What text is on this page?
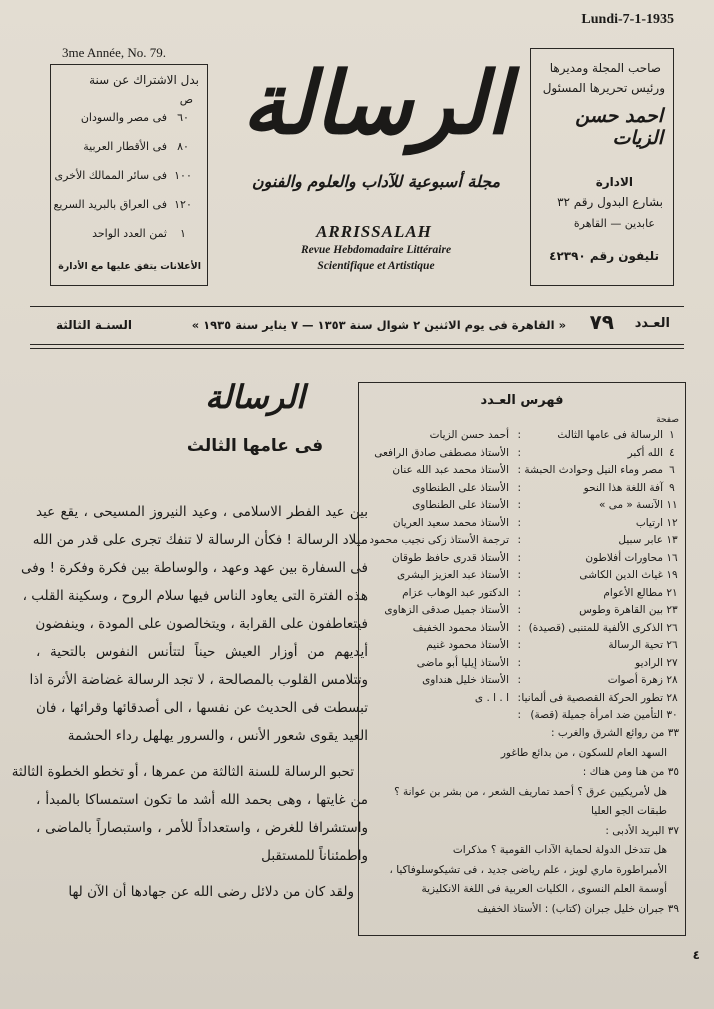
Lundi-7-1-1935
3me Année, No. 79.
بدل الاشتراك عن سنة
ص
٦٠
فى مصر والسودان
٨٠
فى الأقطار العربية
١٠٠
فى سائر الممالك الأخرى
١٢٠
فى العراق بالبريد السريع
١
ثمن العدد الواحد
الأعلانات يتفق عليها مع الأدارة
صاحب المجلة ومديرها
ورئيس تحريرها المسئول
احمد حسن الزيات
الادارة
بشارع البدول رقم ٣٢
عابدين — القاهرة
تليفون رقم ٤٢٣٩٠
الرسالة
مجلة أسبوعية للآداب والعلوم والفنون
ARRISSALAH
Revue Hebdomadaire Littéraire
Scientifique et Artistique
العـدد
٧٩
« القاهرة فى يوم الاثنين ٢ شوال سنة ١٣٥٣ — ٧ يناير سنة ١٩٣٥ »
السنـة الثالثة
الرسالة
فى عامها الثالث
بين عيد الفطر الاسلامى ، وعيد النيروز المسيحى ، يقع عيد
ميلاد الرسالة ! فكأن الرسالة لا تنفك تجرى على قدر من الله
فى السفارة بين عهد وعهد ، والوساطة بين فكرة وفكرة ! وفى
هذه الفترة التى يعاود الناس فيها سلام الروح ، وسكينة القلب ،
فيتعاطفون على القرابة ، ويتخالصون على المودة ، وينفضون
أيديهم من أوزار العيش حيناً لتتأنس النفوس بالتحية ،
وتتلامس القلوب بالمصالحة ، لا تجد الرسالة غضاضة الأثرة اذا
تبسطت فى الحديث عن نفسها ، الى أصدقائها وقرائها ، فان
العيد يقوى شعور الأنس ، والسرور يهلهل رداء الحشمة
تحبو الرسالة للسنة الثالثة من عمرها ، أو تخطو الخطوة الثالثة
من غايتها ، وهى بحمد الله أشد ما تكون استمساكا بالمبدأ ،
واستشرافا للغرض ، واستعداداً للأمر ، واستبصاراً بالماضى ،
واطمئناناً للمستقبل
ولقد كان من دلائل رضى الله عن جهادها أن الآن لها
فهرس العـدد
صفحة
١
الرسالة فى عامها الثالث
أحمد حسن الزيات :
٤
الله أكبر
الأستاذ مصطفى صادق الرافعى :
٦
مصر وماء النيل وحوادث الحبشة
الأستاذ محمد عبد الله عنان :
٩
آفة اللغة هذا النحو
الأستاذ على الطنطاوى :
١١
الآنسة « مى »
الأستاذ على الطنطاوى :
١٢
ارتياب
الأستاذ محمد سعيد العريان :
١٣
عابر سبيل
ترجمة الأستاذ زكى نجيب محمود :
١٦
محاورات أفلاطون
الأستاذ قدرى حافظ طوقان :
١٩
غياث الدين الكاشى
الأستاذ عبد العزيز البشرى :
٢١
مطالع الأعوام
الدكتور عبد الوهاب عزام :
٢٣
بين القاهرة وطوس
الأستاذ جميل صدقى الزهاوى :
٢٦
الذكرى الألفية للمتنبى (قصيدة)
الأستاذ محمود الخفيف :
٢٦
تحية الرسالة
الأستاذ محمود غنيم :
٢٧
الراديو
الأستاذ إيليا أبو ماضى :
٢٨
زهرة أصوات
الأستاذ خليل هنداوى :
٢٨
تطور الحركة القصصية فى ألمانيا
ا . ا . ى :
٣٠
التأمين ضد امرأة جميلة (قصة)
:
٣٣ من روائع الشرق والغرب :
السهد العام للسكون ، من بدائع طاغور
٣٥ من هنا ومن هناك :
هل لأمريكيين عرق ؟ أحمد تماريف الشعر ، من بشر بن عوانة ؟
طبقات الجو العليا
٣٧ البريد الأدبى :
هل تتدخل الدولة لحماية الآداب القومية ؟ مذكرات
الأمبراطورة ماري لويز ، علم رياضى جديد ، فى تشيكوسلوفاكيا ،
أوسمة العلم النسوى ، الكليات العربية فى اللغة الانكليزية
٣٩ جبران خليل جبران (كتاب) : الأستاذ الخفيف
٤
